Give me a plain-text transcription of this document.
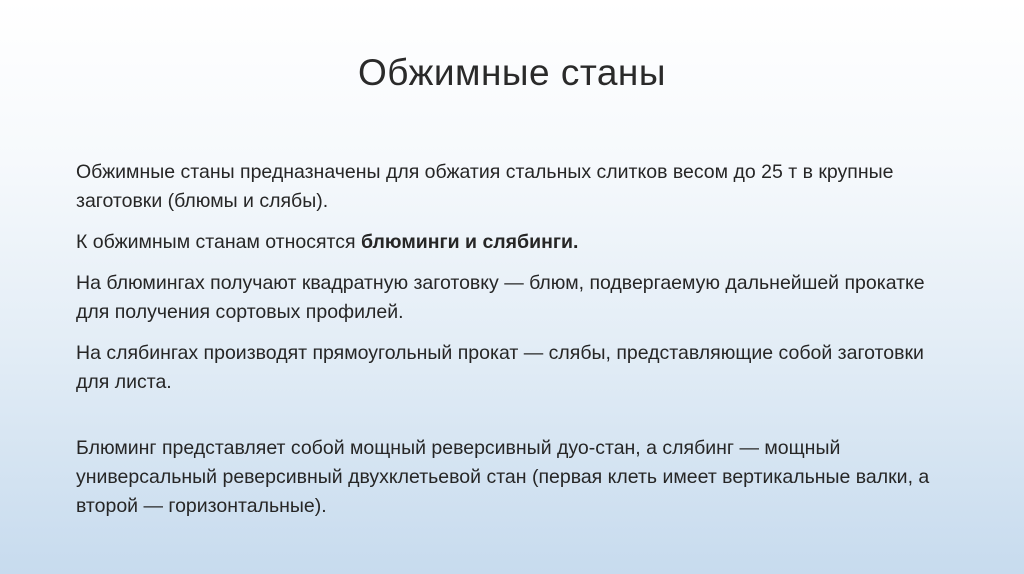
Обжимные станы

Обжимные станы предназначены для обжатия стальных слитков весом до 25 т в крупные заготовки (блюмы и слябы).

К обжимным станам относятся блюминги и слябинги.

На блюмингах получают квадратную заготовку — блюм, подвергаемую дальнейшей прокатке для получения сортовых профилей.

На слябингах производят прямоугольный прокат — слябы, представляющие собой заготовки для листа.

Блюминг представляет собой мощный реверсивный дуо-стан, а слябинг — мощный универсальный реверсивный двухклетьевой стан (первая клеть имеет вертикальные валки, а второй — горизонтальные).
